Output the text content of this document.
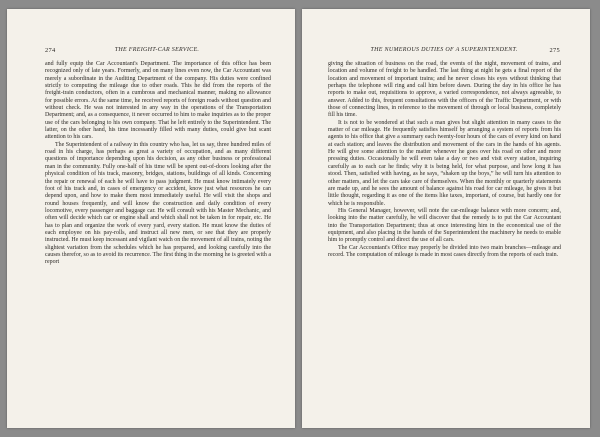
274	THE FREIGHT-CAR SERVICE.

and fully equip the Car Accountant's Department. The importance of this office has been recognized only of late years. Formerly, and on many lines even now, the Car Accountant was merely a subordinate in the Auditing Department of the company. His duties were confined strictly to computing the mileage due to other roads. This he did from the reports of the freight-train conductors, often in a cumbrous and mechanical manner, making no allowance for possible errors. At the same time, he received reports of foreign roads without question and without check. He was not interested in any way in the operations of the Transportation Department; and, as a consequence, it never occurred to him to make inquiries as to the proper use of the cars belonging to his own company. That he left entirely to the Superintendent. The latter, on the other hand, his time incessantly filled with many duties, could give but scant attention to his cars.

The Superintendent of a railway in this country who has, let us say, three hundred miles of road in his charge, has perhaps as great a variety of occupation, and as many different questions of importance depending upon his decision, as any other business or professional man in the community. Fully one-half of his time will be spent out-of-doors looking after the physical condition of his track, masonry, bridges, stations, buildings of all kinds. Concerning the repair or renewal of each he will have to pass judgment. He must know intimately every foot of his track and, in cases of emergency or accident, know just what resources he can depend upon, and how to make them most immediately useful. He will visit the shops and round houses frequently, and will know the construction and daily condition of every locomotive, every passenger and baggage car. He will consult with his Master Mechanic, and often will decide which car or engine shall and which shall not be taken in for repair, etc. He has to plan and organize the work of every yard, every station. He must know the duties of each employee on his pay-rolls, and instruct all new men, or see that they are properly instructed. He must keep incessant and vigilant watch on the movement of all trains, noting the slightest variation from the schedules which he has prepared, and looking carefully into the causes therefor, so as to avoid its recurrence. The first thing in the morning he is greeted with a report

THE NUMEROUS DUTIES OF A SUPERINTENDENT.	275

giving the situation of business on the road, the events of the night, movement of trains, and location and volume of freight to be handled. The last thing at night he gets a final report of the location and movement of important trains; and he never closes his eyes without thinking that perhaps the telephone will ring and call him before dawn. During the day in his office he has reports to make out, requisitions to approve, a varied correspondence, not always agreeable, to answer. Added to this, frequent consultations with the officers of the Traffic Department, or with those of connecting lines, in reference to the movement of through or local business, completely fill his time.

It is not to be wondered at that such a man gives but slight attention in many cases to the matter of car mileage. He frequently satisfies himself by arranging a system of reports from his agents to his office that give a summary each twenty-four hours of the cars of every kind on hand at each station; and leaves the distribution and movement of the cars in the hands of his agents. He will give some attention to the matter whenever he goes over his road on other and more pressing duties. Occasionally he will even take a day or two and visit every station, inquiring carefully as to each car he finds; why it is being held, for what purpose, and how long it has stood. Then, satisfied with having, as he says, “shaken up the boys,” he will turn his attention to other matters, and let the cars take care of themselves. When the monthly or quarterly statements are made up, and he sees the amount of balance against his road for car mileage, he gives it but little thought, regarding it as one of the items like taxes, important, of course, but hardly one for which he is responsible.

His General Manager, however, will note the car-mileage balance with more concern; and, looking into the matter carefully, he will discover that the remedy is to put the Car Accountant into the Transportation Department; thus at once interesting him in the economical use of the equipment, and also placing in the hands of the Superintendent the machinery he needs to enable him to promptly control and direct the use of all cars.

The Car Accountant's Office may properly be divided into two main branches—mileage and record. The computation of mileage is made in most cases directly from the reports of each train.
